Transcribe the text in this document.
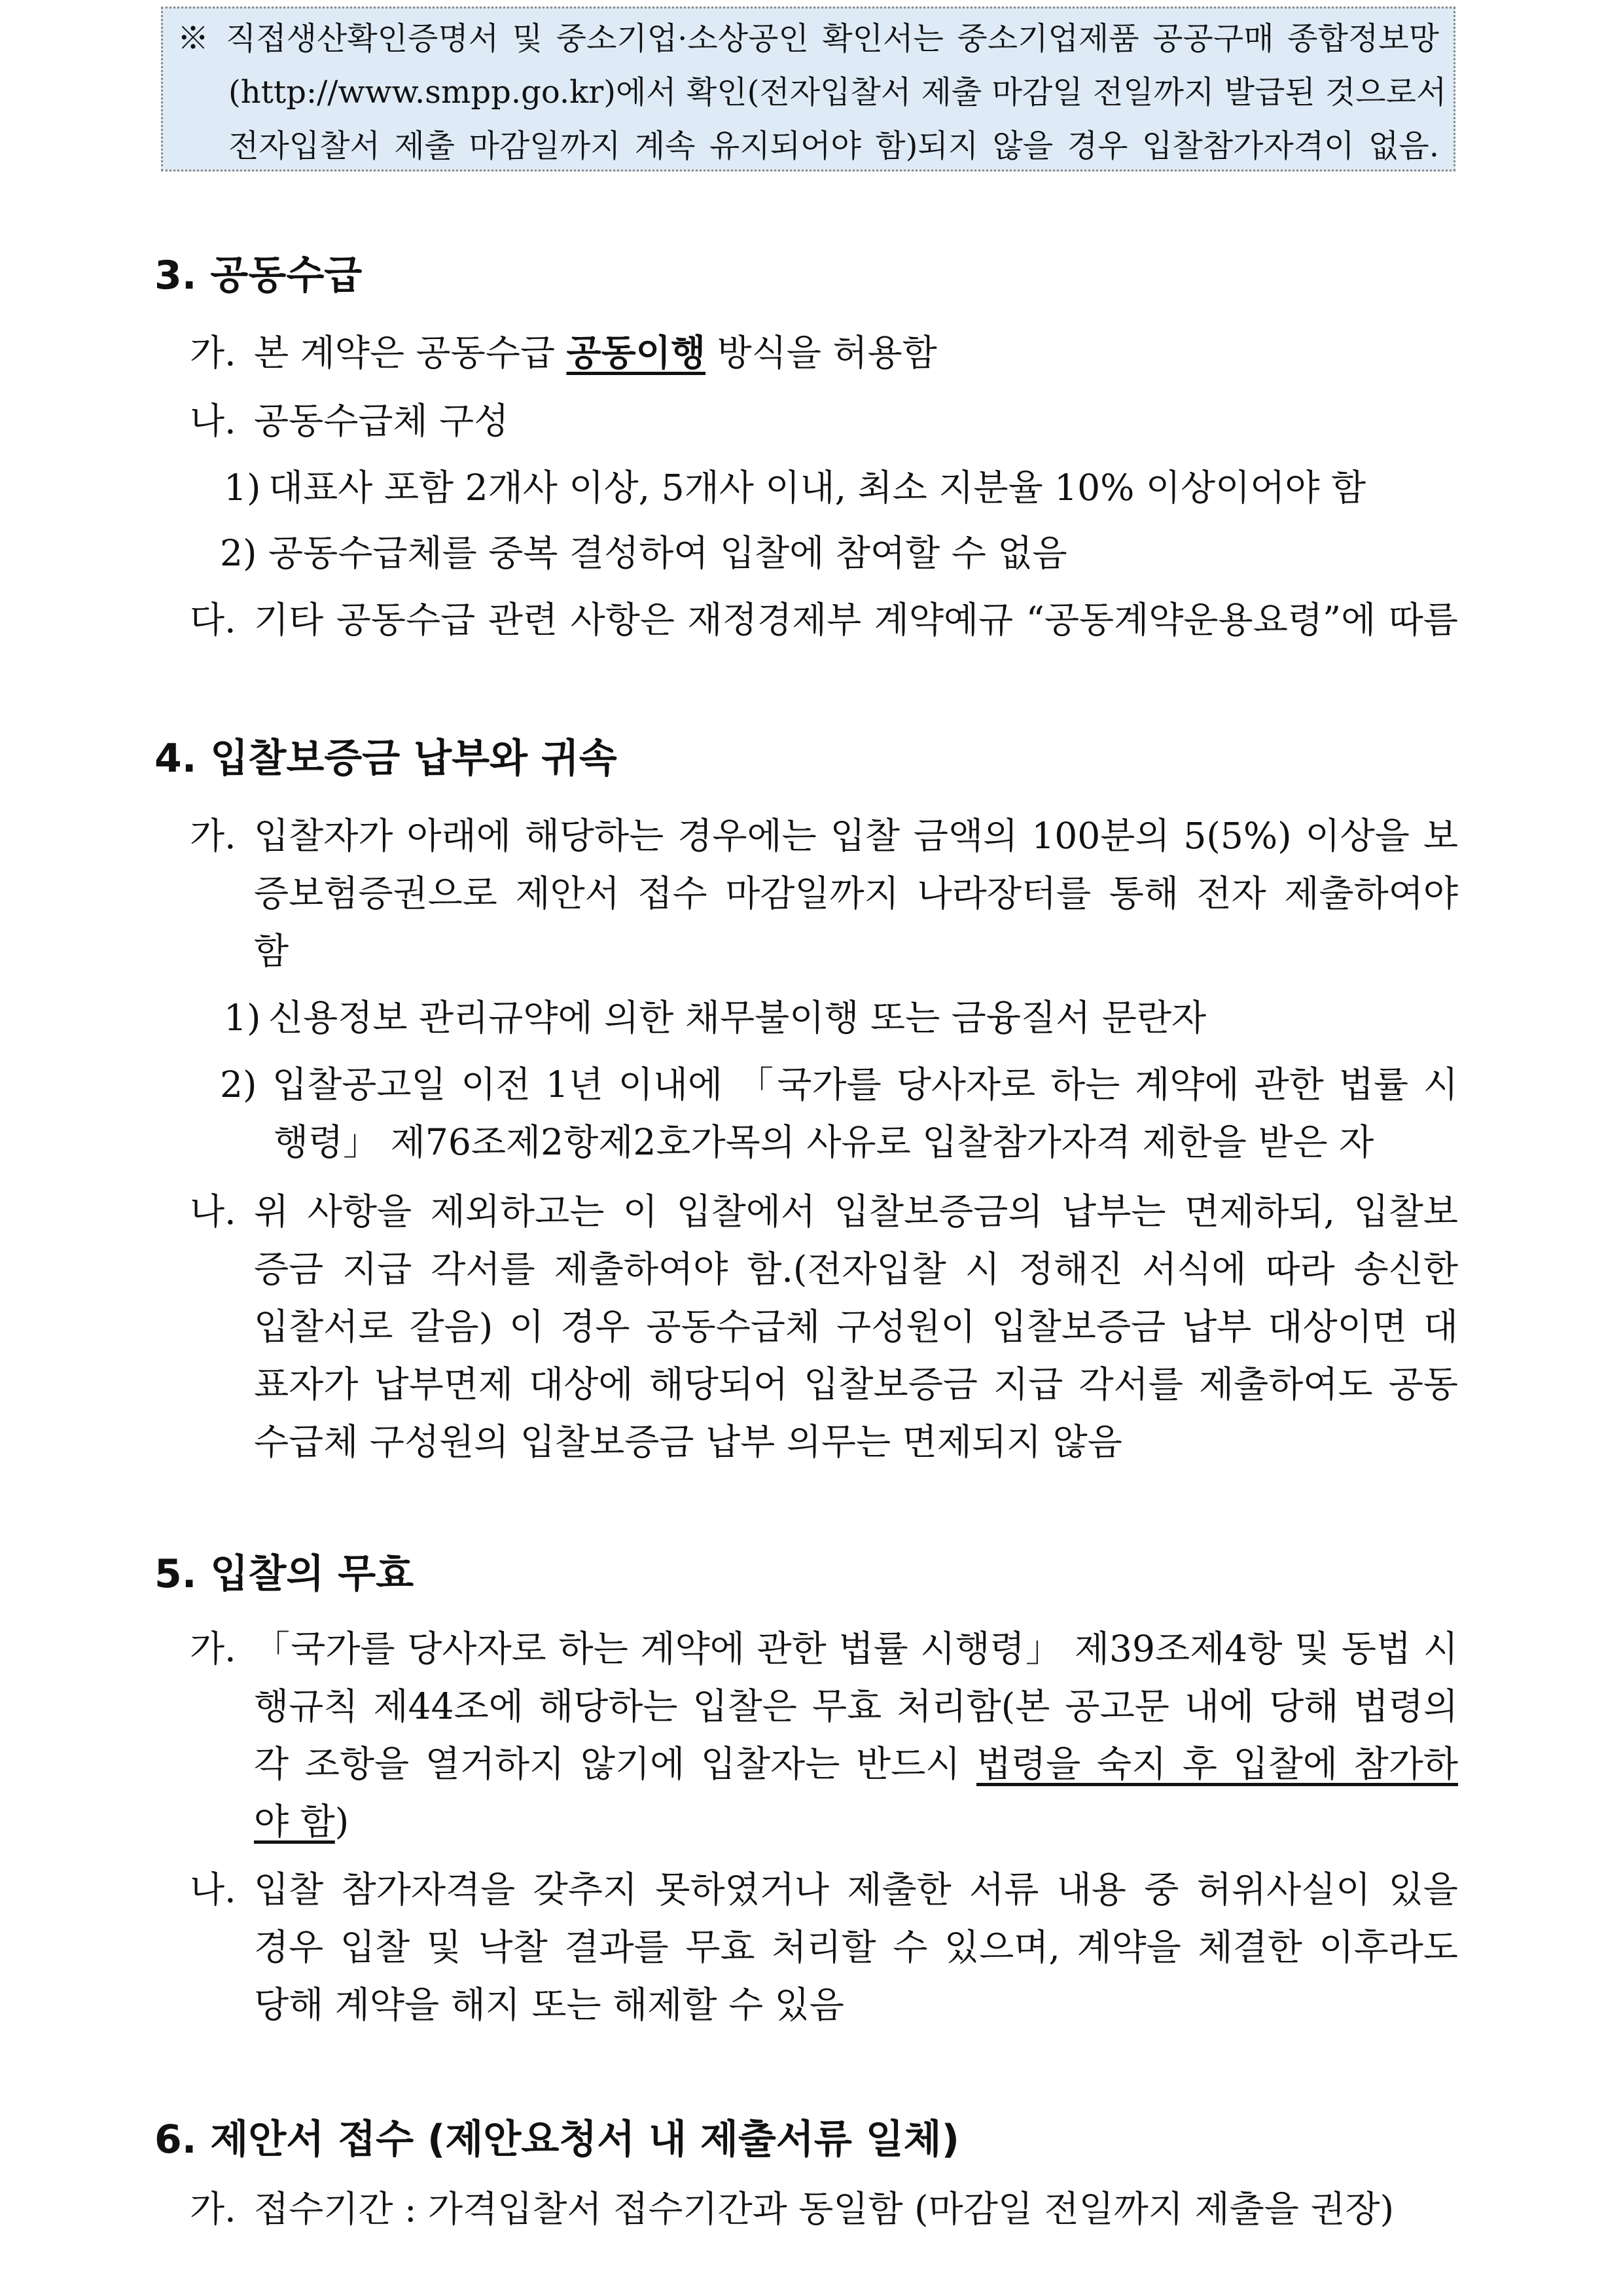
※ 직접생산확인증명서 및 중소기업·소상공인 확인서는 중소기업제품 공공구매 종합정보망
(http://www.smpp.go.kr)에서 확인(전자입찰서 제출 마감일 전일까지 발급된 것으로서
전자입찰서 제출 마감일까지 계속 유지되어야 함)되지 않을 경우 입찰참가자격이 없음.
3. 공동수급
가. 본 계약은 공동수급 공동이행 방식을 허용함
나. 공동수급체 구성
1) 대표사 포함 2개사 이상, 5개사 이내, 최소 지분율 10% 이상이어야 함
2) 공동수급체를 중복 결성하여 입찰에 참여할 수 없음
다. 기타 공동수급 관련 사항은 재정경제부 계약예규 “공동계약운용요령”에 따름
4. 입찰보증금 납부와 귀속
가. 입찰자가 아래에 해당하는 경우에는 입찰 금액의 100분의 5(5%) 이상을 보
증보험증권으로 제안서 접수 마감일까지 나라장터를 통해 전자 제출하여야
함
1) 신용정보 관리규약에 의한 채무불이행 또는 금융질서 문란자
2) 입찰공고일 이전 1년 이내에 「국가를 당사자로 하는 계약에 관한 법률 시
행령」 제76조제2항제2호가목의 사유로 입찰참가자격 제한을 받은 자
나. 위 사항을 제외하고는 이 입찰에서 입찰보증금의 납부는 면제하되, 입찰보
증금 지급 각서를 제출하여야 함.(전자입찰 시 정해진 서식에 따라 송신한
입찰서로 갈음) 이 경우 공동수급체 구성원이 입찰보증금 납부 대상이면 대
표자가 납부면제 대상에 해당되어 입찰보증금 지급 각서를 제출하여도 공동
수급체 구성원의 입찰보증금 납부 의무는 면제되지 않음
5. 입찰의 무효
가. 「국가를 당사자로 하는 계약에 관한 법률 시행령」 제39조제4항 및 동법 시
행규칙 제44조에 해당하는 입찰은 무효 처리함(본 공고문 내에 당해 법령의
각 조항을 열거하지 않기에 입찰자는 반드시 법령을 숙지 후 입찰에 참가하
야 함)
나. 입찰 참가자격을 갖추지 못하였거나 제출한 서류 내용 중 허위사실이 있을
경우 입찰 및 낙찰 결과를 무효 처리할 수 있으며, 계약을 체결한 이후라도
당해 계약을 해지 또는 해제할 수 있음
6. 제안서 접수 (제안요청서 내 제출서류 일체)
가. 접수기간 : 가격입찰서 접수기간과 동일함 (마감일 전일까지 제출을 권장)
